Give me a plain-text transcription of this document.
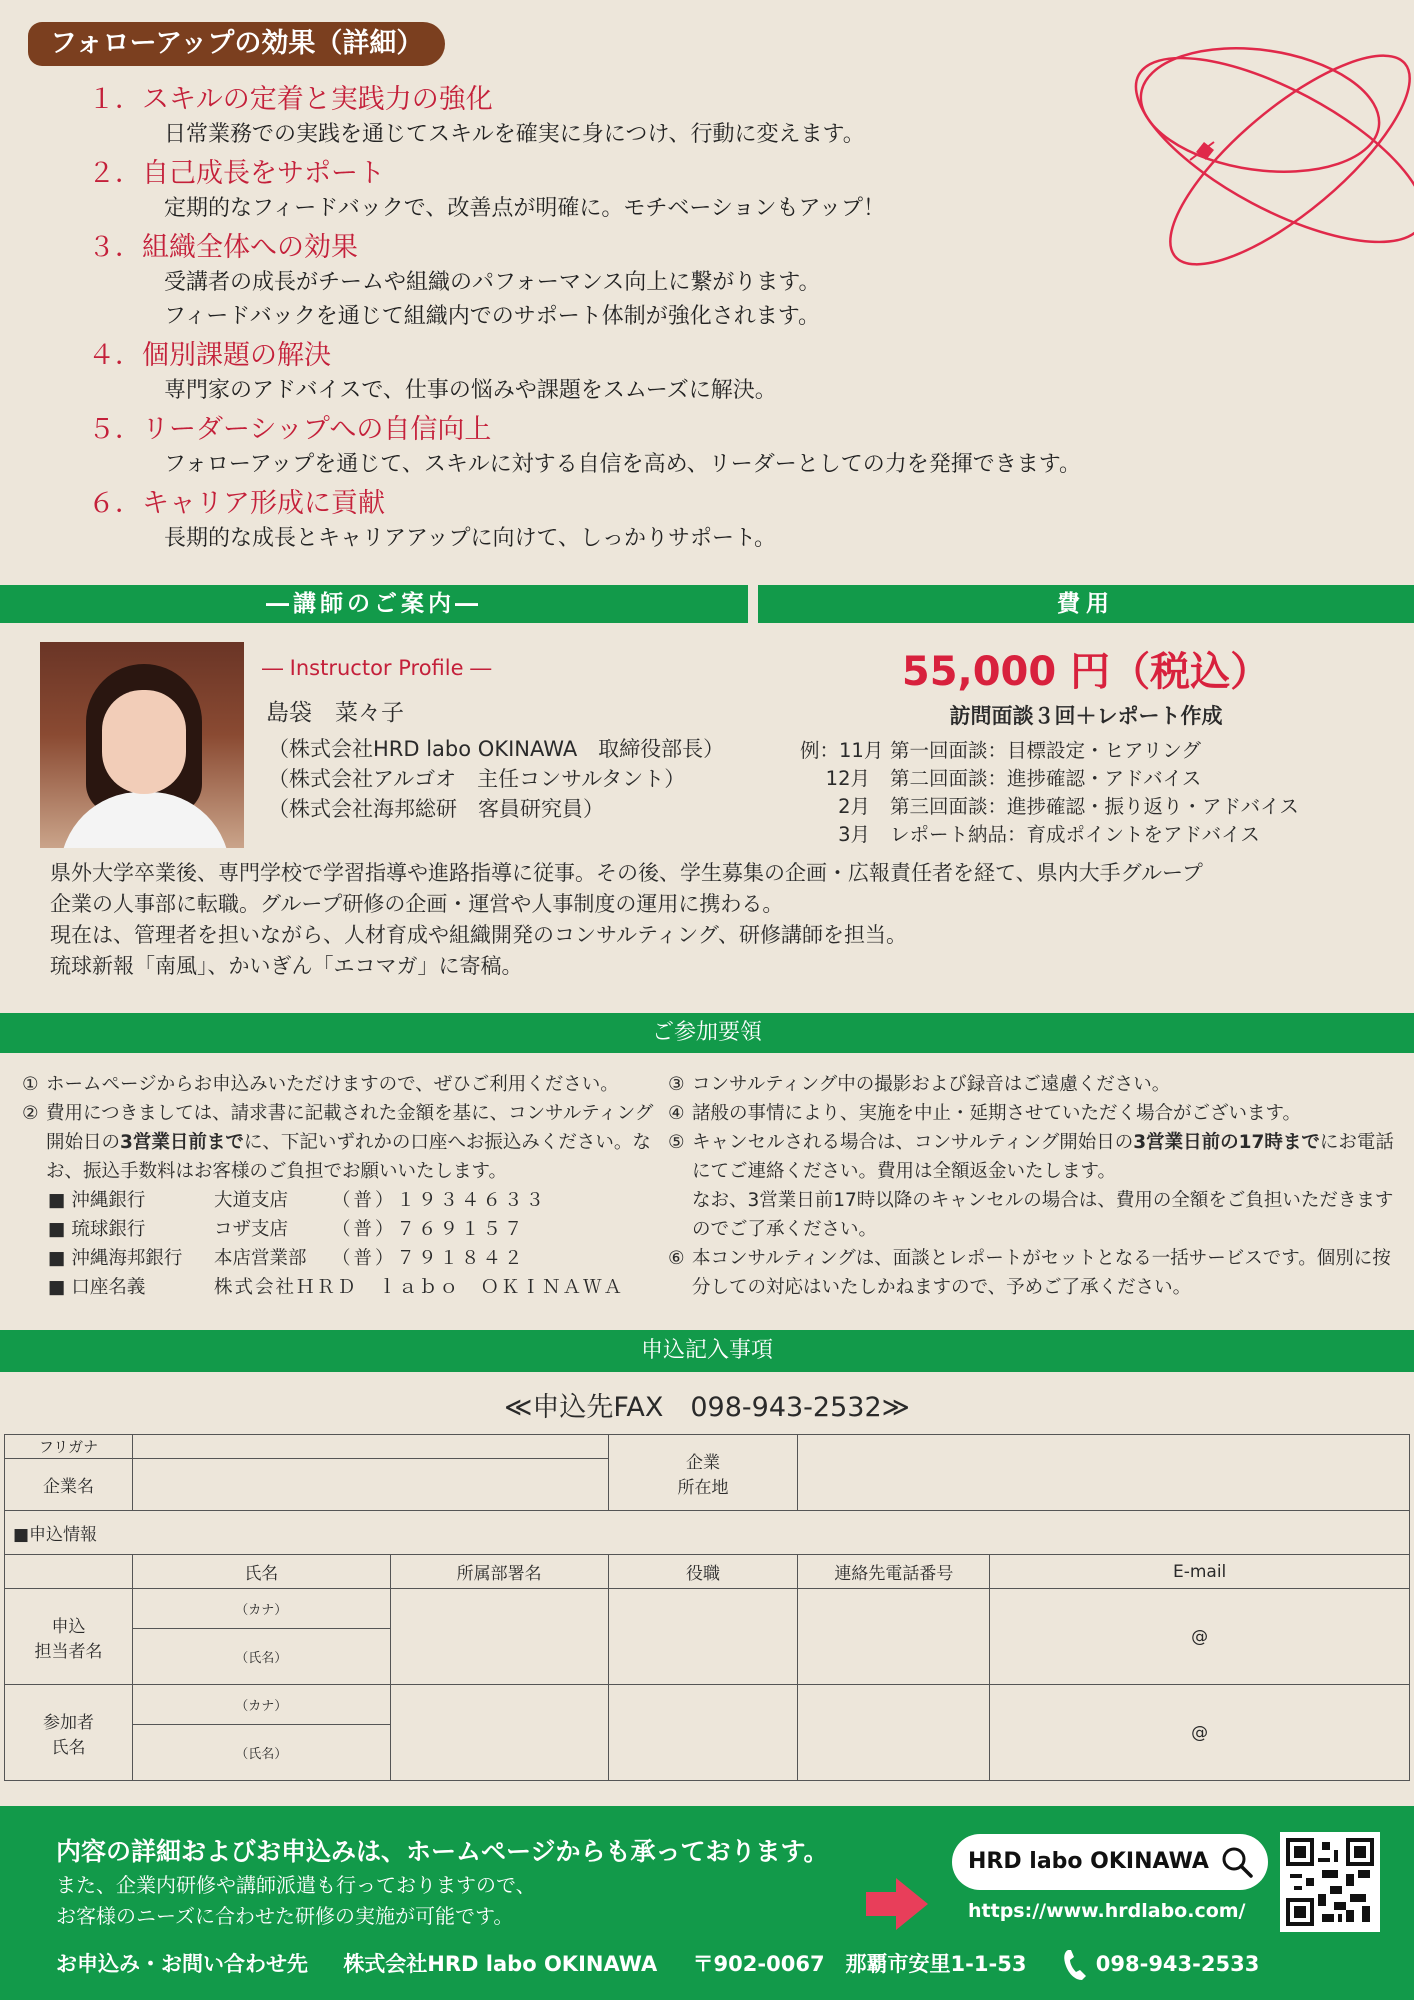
フォローアップの効果（詳細）
１．スキルの定着と実践力の強化
日常業務での実践を通じてスキルを確実に身につけ、行動に変えます。
２．自己成長をサポート
定期的なフィードバックで、改善点が明確に。モチベーションもアップ！
３．組織全体への効果
受講者の成長がチームや組織のパフォーマンス向上に繋がります。
フィードバックを通じて組織内でのサポート体制が強化されます。
４．個別課題の解決
専門家のアドバイスで、仕事の悩みや課題をスムーズに解決。
５．リーダーシップへの自信向上
フォローアップを通じて、スキルに対する自信を高め、リーダーとしての力を発揮できます。
６．キャリア形成に貢献
長期的な成長とキャリアアップに向けて、しっかりサポート。
―講師のご案内―	費用
― Instructor Profile ―
島袋　菜々子
（株式会社HRD labo OKINAWA　取締役部長）
（株式会社アルゴオ　主任コンサルタント）
（株式会社海邦総研　客員研究員）
55,000 円（税込）
訪問面談３回＋レポート作成
例：11月 第一回面談：目標設定・ヒアリング
12月	第二回面談：進捗確認・アドバイス
2月	第三回面談：進捗確認・振り返り・アドバイス
3月	レポート納品：育成ポイントをアドバイス
県外大学卒業後、専門学校で学習指導や進路指導に従事。その後、学生募集の企画・広報責任者を経て、県内大手グループ
企業の人事部に転職。グループ研修の企画・運営や人事制度の運用に携わる。
現在は、管理者を担いながら、人材育成や組織開発のコンサルティング、研修講師を担当。
琉球新報「南風」、かいぎん「エコマガ」に寄稿。
ご参加要領
① ホームページからお申込みいただけますので、ぜひご利用ください。
② 費用につきましては、請求書に記載された金額を基に、コンサルティング開始日の3営業日前までに、下記いずれかの口座へお振込みください。なお、振込手数料はお客様のご負担でお願いいたします。
■ 沖縄銀行	大道支店	（普）１９３４６３３
■ 琉球銀行	コザ支店	（普）７６９１５７
■ 沖縄海邦銀行	本店営業部	（普）７９１８４２
■ 口座名義	株式会社ＨＲＤ　ｌａｂｏ　ＯＫＩＮＡＷＡ
③ コンサルティング中の撮影および録音はご遠慮ください。
④ 諸般の事情により、実施を中止・延期させていただく場合がございます。
⑤ キャンセルされる場合は、コンサルティング開始日の3営業日前の17時までにお電話にてご連絡ください。費用は全額返金いたします。
なお、3営業日前17時以降のキャンセルの場合は、費用の全額をご負担いただきますのでご了承ください。
⑥ 本コンサルティングは、面談とレポートがセットとなる一括サービスです。個別に按分しての対応はいたしかねますので、予めご了承ください。
申込記入事項
≪申込先FAX　098-943-2532≫
フリガナ			企業
所在地		
企業名					
■申込情報					
	氏名	所属部署名	役職	連絡先電話番号	E-mail
申込
担当者名	（カナ）				@
	（氏名）				
参加者
氏名	（カナ）				@
	（氏名）				
内容の詳細およびお申込みは、ホームページからも承っております。
また、企業内研修や講師派遣も行っておりますので、
お客様のニーズに合わせた研修の実施が可能です。
HRD labo OKINAWA
https://www.hrdlabo.com/
お申込み・お問い合わせ先 株式会社HRD labo OKINAWA 〒902-0067　那覇市安里1-1-53	098-943-2533
